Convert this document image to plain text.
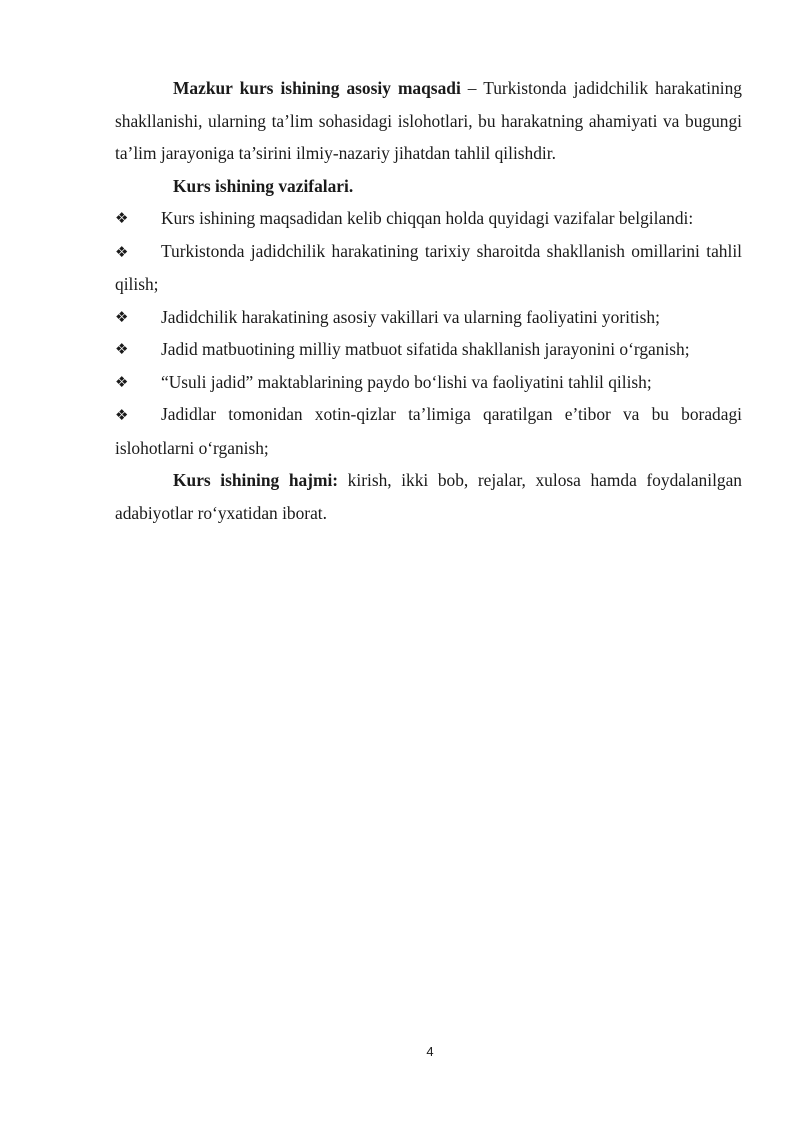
Mazkur kurs ishining asosiy maqsadi – Turkistonda jadidchilik harakatining shakllanishi, ularning ta’lim sohasidagi islohotlari, bu harakatning ahamiyati va bugungi ta’lim jarayoniga ta’sirini ilmiy-nazariy jihatdan tahlil qilishdir.

Kurs ishining vazifalari.

❖	Kurs ishining maqsadidan kelib chiqqan holda quyidagi vazifalar belgilandi:

❖ Turkistonda jadidchilik harakatining tarixiy sharoitda shakllanish omillarini tahlil qilish;

❖	Jadidchilik harakatining asosiy vakillari va ularning faoliyatini yoritish;
❖	Jadid matbuotining milliy matbuot sifatida shakllanish jarayonini o‘rganish;
❖	“Usuli jadid” maktablarining paydo bo‘lishi va faoliyatini tahlil qilish;

❖ Jadidlar tomonidan xotin-qizlar ta’limiga qaratilgan e’tibor va bu boradagi islohotlarni o‘rganish;

Kurs ishining hajmi: kirish, ikki bob, rejalar, xulosa hamda foydalanilgan adabiyotlar ro‘yxatidan iborat.

4
